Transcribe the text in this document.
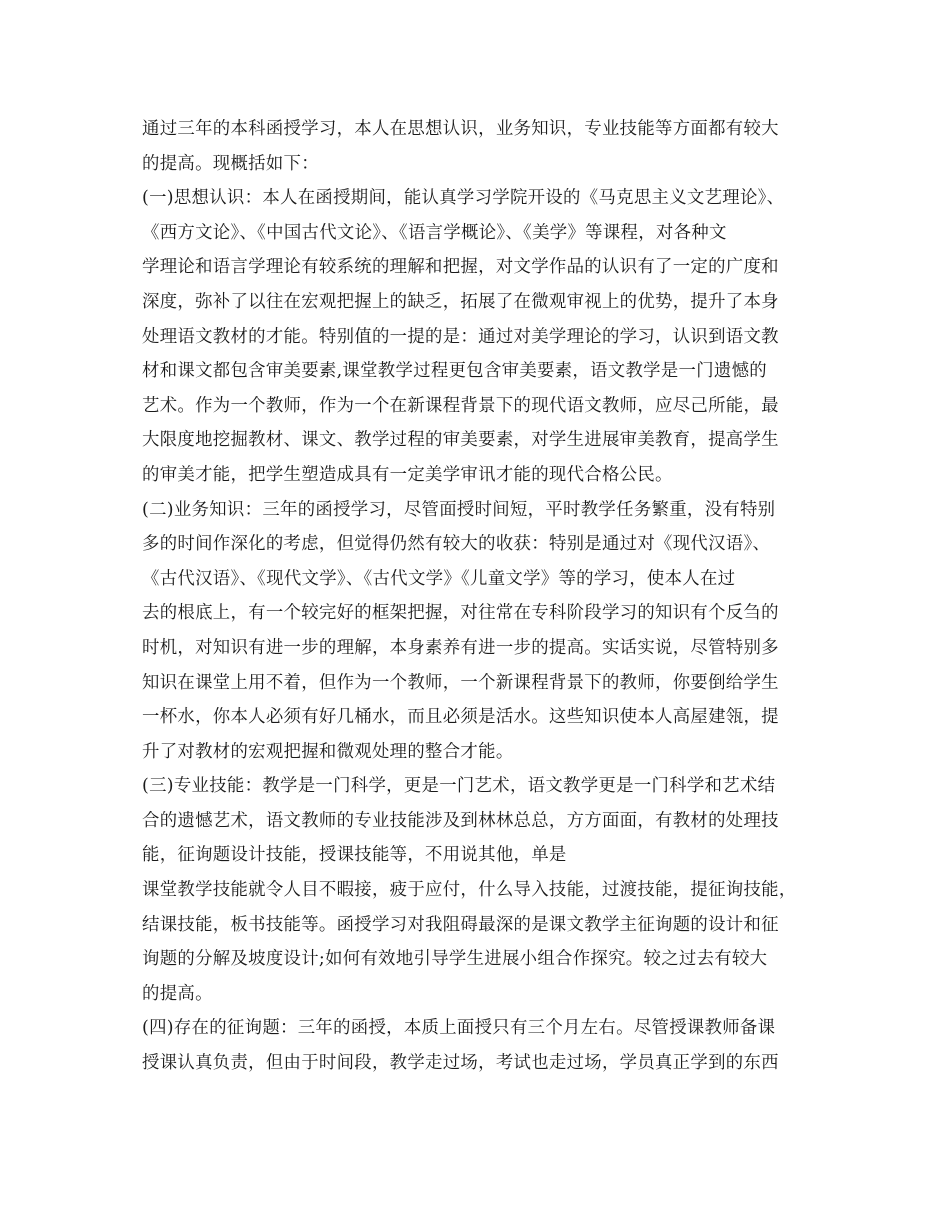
通过三年的本科函授学习，本人在思想认识，业务知识，专业技能等方面都有较大
的提高。现概括如下：
(一)思想认识：本人在函授期间，能认真学习学院开设的《马克思主义文艺理论》、
《西方文论》、《中国古代文论》、《语言学概论》、《美学》等课程，对各种文
学理论和语言学理论有较系统的理解和把握，对文学作品的认识有了一定的广度和
深度，弥补了以往在宏观把握上的缺乏，拓展了在微观审视上的优势，提升了本身
处理语文教材的才能。特别值的一提的是：通过对美学理论的学习，认识到语文教
材和课文都包含审美要素,课堂教学过程更包含审美要素，语文教学是一门遗憾的
艺术。作为一个教师，作为一个在新课程背景下的现代语文教师，应尽己所能，最
大限度地挖掘教材、课文、教学过程的审美要素，对学生进展审美教育，提高学生
的审美才能，把学生塑造成具有一定美学审讯才能的现代合格公民。
(二)业务知识：三年的函授学习，尽管面授时间短，平时教学任务繁重，没有特别
多的时间作深化的考虑，但觉得仍然有较大的收获：特别是通过对《现代汉语》、
《古代汉语》、《现代文学》、《古代文学》《儿童文学》等的学习，使本人在过
去的根底上，有一个较完好的框架把握，对往常在专科阶段学习的知识有个反刍的
时机，对知识有进一步的理解，本身素养有进一步的提高。实话实说，尽管特别多
知识在课堂上用不着，但作为一个教师，一个新课程背景下的教师，你要倒给学生
一杯水，你本人必须有好几桶水，而且必须是活水。这些知识使本人高屋建瓴，提
升了对教材的宏观把握和微观处理的整合才能。
(三)专业技能：教学是一门科学，更是一门艺术，语文教学更是一门科学和艺术结
合的遗憾艺术，语文教师的专业技能涉及到林林总总，方方面面，有教材的处理技
能，征询题设计技能，授课技能等，不用说其他，单是
课堂教学技能就令人目不暇接，疲于应付，什么导入技能，过渡技能，提征询技能，
结课技能，板书技能等。函授学习对我阻碍最深的是课文教学主征询题的设计和征
询题的分解及坡度设计;如何有效地引导学生进展小组合作探究。较之过去有较大
的提高。
(四)存在的征询题：三年的函授，本质上面授只有三个月左右。尽管授课教师备课
授课认真负责，但由于时间段，教学走过场，考试也走过场，学员真正学到的东西
